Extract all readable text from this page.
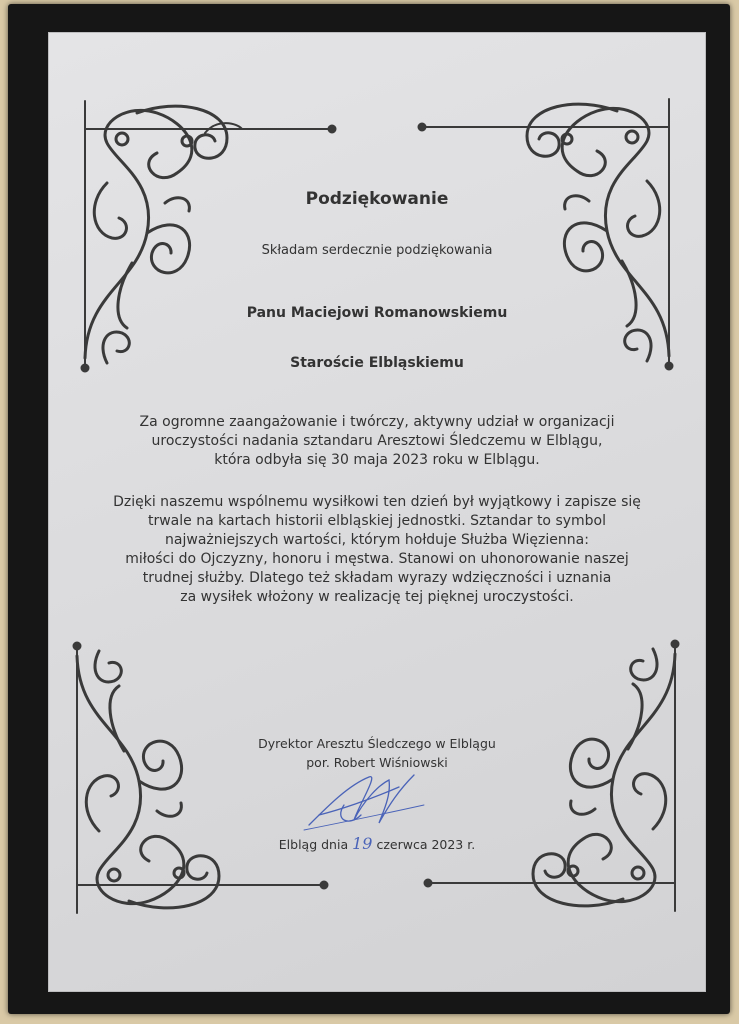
Podziękowanie
Składam serdecznie podziękowania
Panu Maciejowi Romanowskiemu
Staroście Elbląskiemu
Za ogromne zaangażowanie i twórczy, aktywny udział w organizacji
uroczystości nadania sztandaru Aresztowi Śledczemu w Elblągu,
która odbyła się 30 maja 2023 roku w Elblągu.
Dzięki naszemu wspólnemu wysiłkowi ten dzień był wyjątkowy i zapisze się
trwale na kartach historii elbląskiej jednostki. Sztandar to symbol
najważniejszych wartości, którym hołduje Służba Więzienna:
miłości do Ojczyzny, honoru i męstwa. Stanowi on uhonorowanie naszej
trudnej służby. Dlatego też składam wyrazy wdzięczności i uznania
za wysiłek włożony w realizację tej pięknej uroczystości.
Dyrektor Aresztu Śledczego w Elblągu
por. Robert Wiśniowski
Elbląg dnia 19 czerwca 2023 r.
